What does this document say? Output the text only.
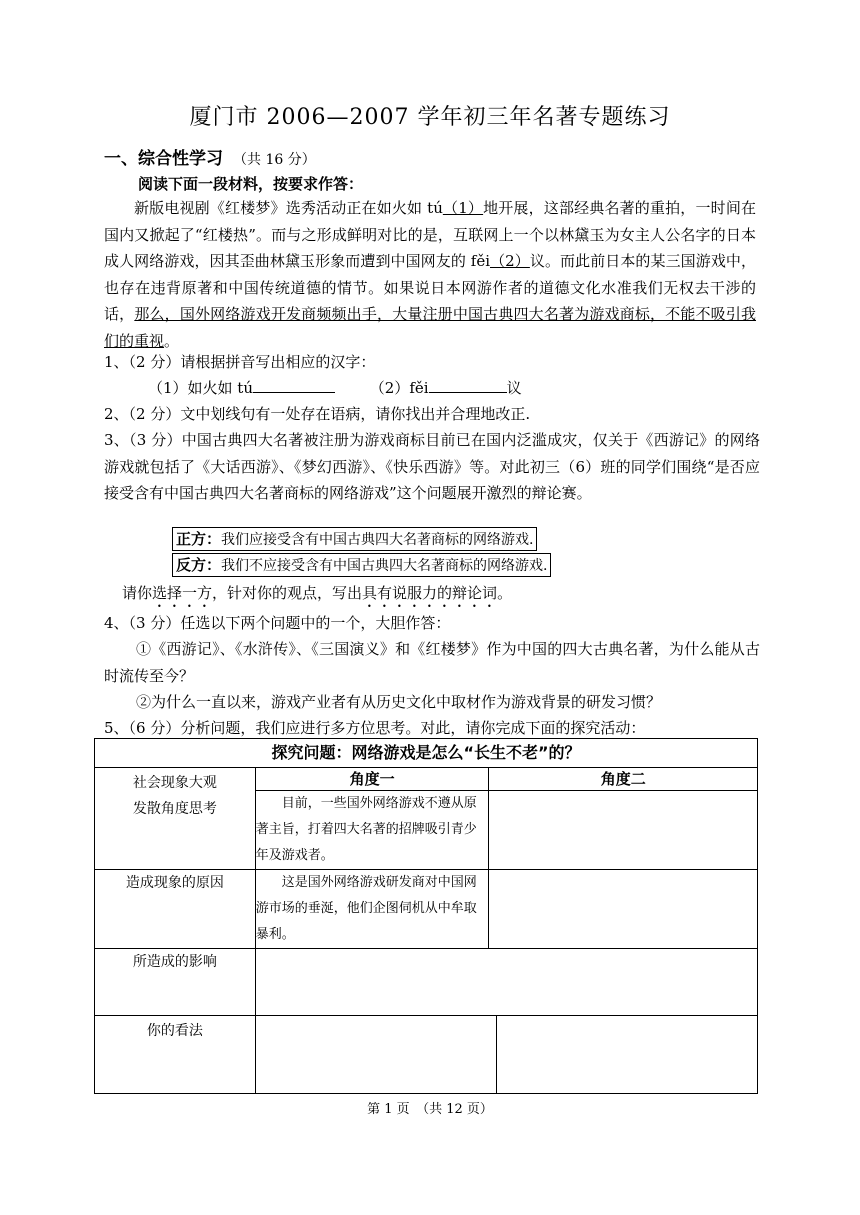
厦门市 2006—2007 学年初三年名著专题练习
一、综合性学习 （共 16 分）
阅读下面一段材料，按要求作答：
新版电视剧《红楼梦》选秀活动正在如火如 tú（1）地开展，这部经典名著的重拍，一时间在国内又掀起了“红楼热”。而与之形成鲜明对比的是，互联网上一个以林黛玉为女主人公名字的日本成人网络游戏，因其歪曲林黛玉形象而遭到中国网友的 fěi（2）议。而此前日本的某三国游戏中，也存在违背原著和中国传统道德的情节。如果说日本网游作者的道德文化水准我们无权去干涉的话，那么，国外网络游戏开发商频频出手，大量注册中国古典四大名著为游戏商标，不能不吸引我们的重视。
1、（2 分）请根据拼音写出相应的汉字：
（1）如火如 tú	（2）fěi	议
2、（2 分）文中划线句有一处存在语病，请你找出并合理地改正.
3、（3 分）中国古典四大名著被注册为游戏商标目前已在国内泛滥成灾，仅关于《西游记》的网络游戏就包括了《大话西游》、《梦幻西游》、《快乐西游》等。对此初三（6）班的同学们围绕“是否应接受含有中国古典四大名著商标的网络游戏”这个问题展开激烈的辩论赛。
正方：我们应接受含有中国古典四大名著商标的网络游戏.
反方：我们不应接受含有中国古典四大名著商标的网络游戏.
请你选择一方，针对你的观点，写出具有说服力的辩论词。
4、（3 分）任选以下两个问题中的一个，大胆作答：
①《西游记》、《水浒传》、《三国演义》和《红楼梦》作为中国的四大古典名著，为什么能从古时流传至今？
②为什么一直以来，游戏产业者有从历史文化中取材作为游戏背景的研发习惯？
5、（6 分）分析问题，我们应进行多方位思考。对此，请你完成下面的探究活动：
探究问题：网络游戏是怎么“长生不老”的？			

社会现象大观
发散角度思考	角度一	角度二	
	目前，一些国外网络游戏不遵从原著主旨，打着四大名著的招牌吸引青少年及游戏者。		
造成现象的原因	这是国外网络游戏研发商对中国网游市场的垂涎，他们企图伺机从中牟取暴利。		
所造成的影响			
你的看法			
第 1 页　（共 12 页）
